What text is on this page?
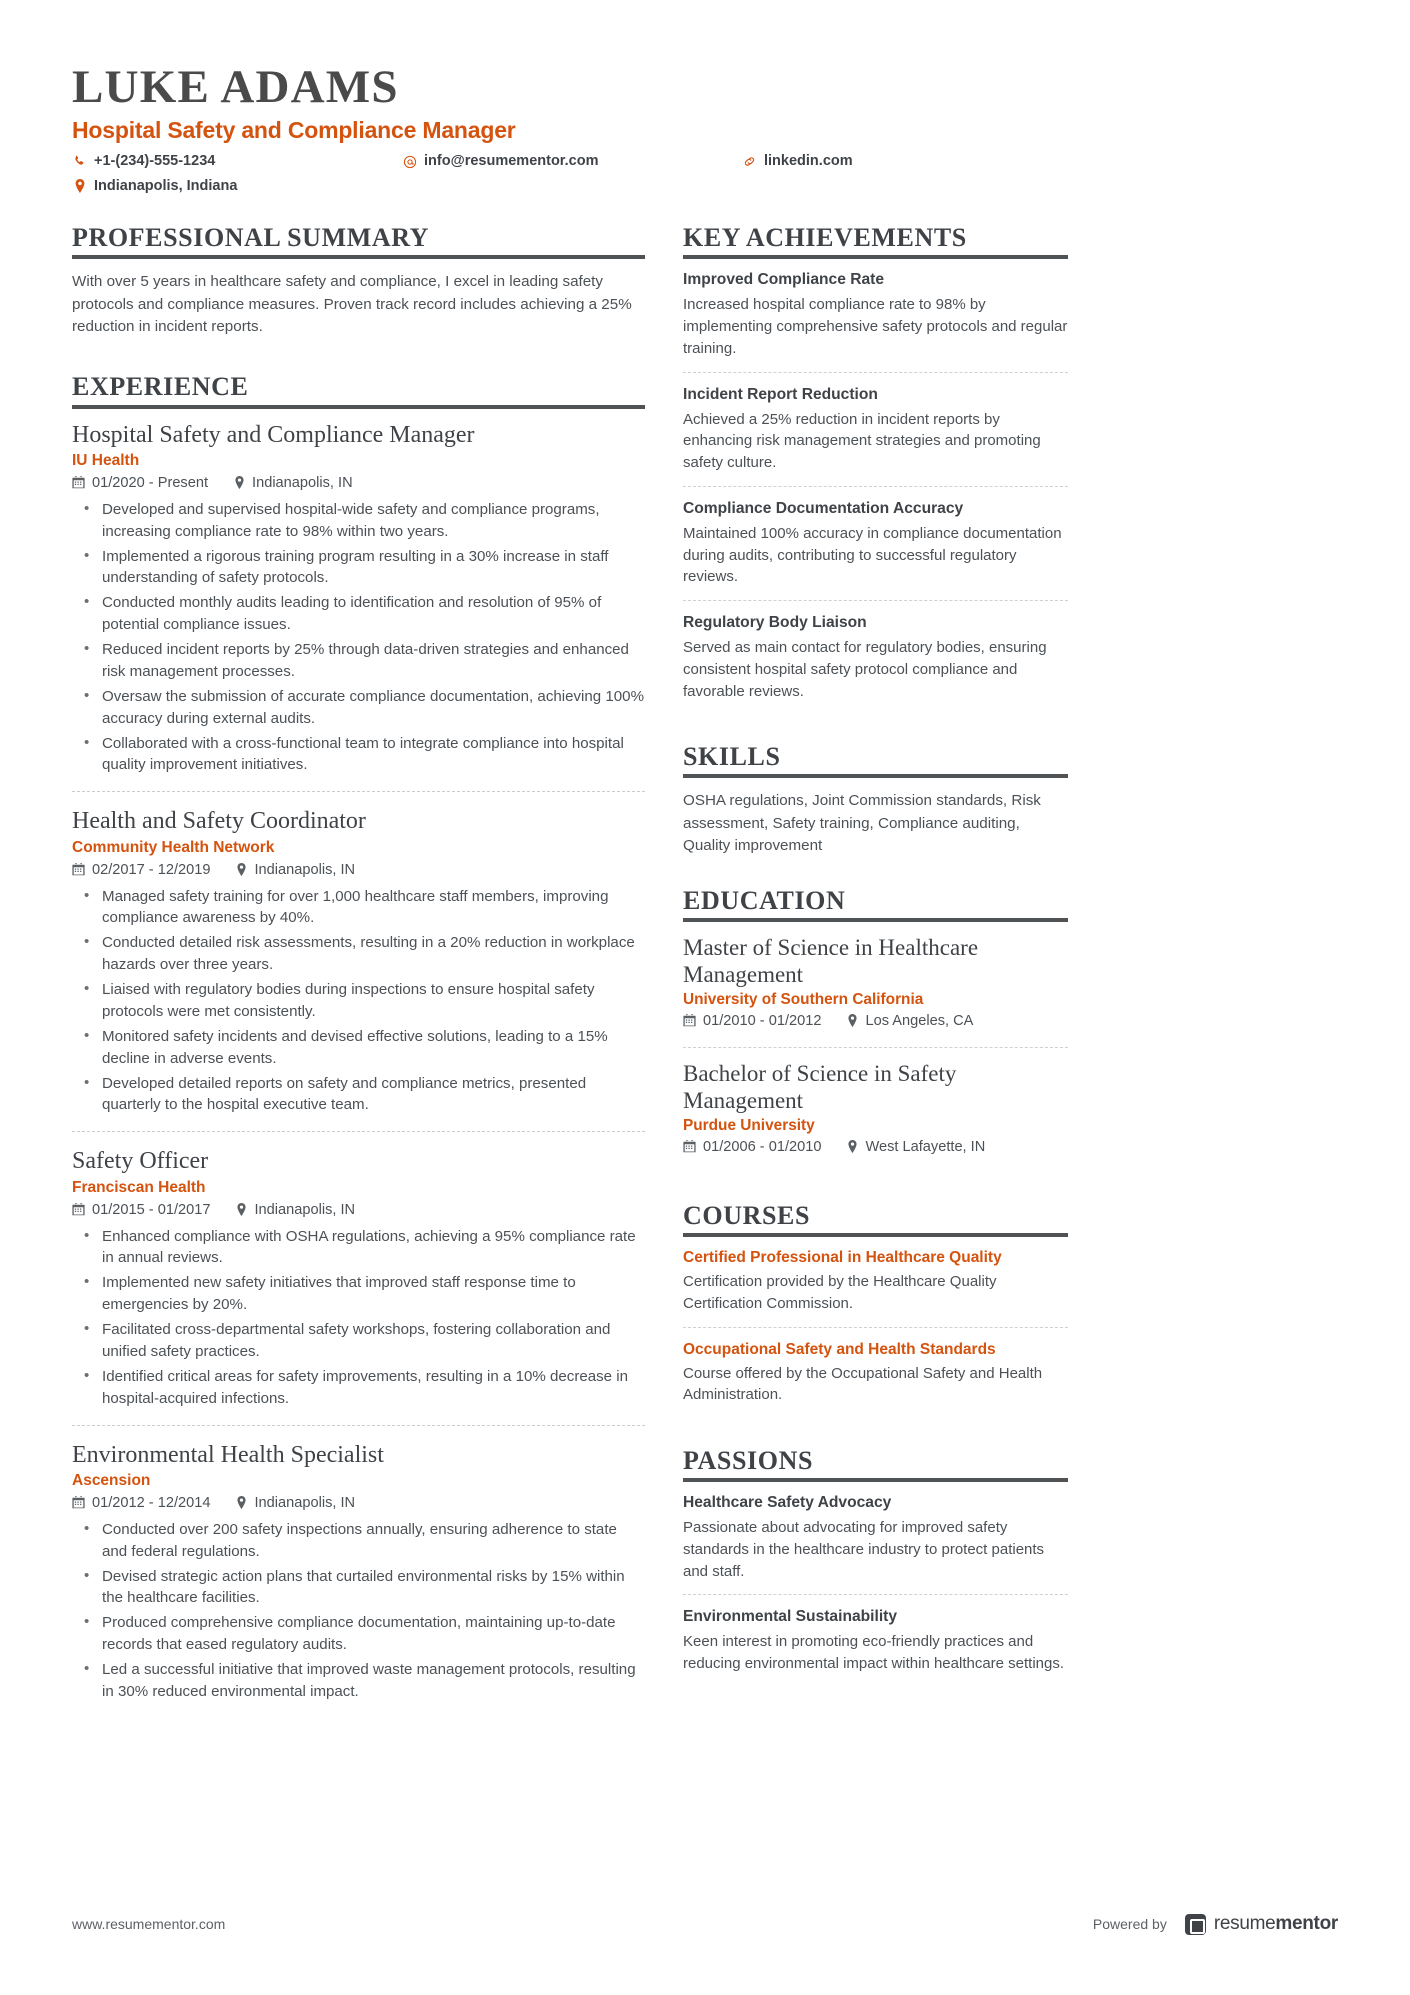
LUKE ADAMS
Hospital Safety and Compliance Manager
+1-(234)-555-1234	info@resumementor.com	linkedin.com
Indianapolis, Indiana
PROFESSIONAL SUMMARY
With over 5 years in healthcare safety and compliance, I excel in leading safety protocols and compliance measures. Proven track record includes achieving a 25% reduction in incident reports.
EXPERIENCE
Hospital Safety and Compliance Manager
IU Health
01/2020 - Present	Indianapolis, IN
• Developed and supervised hospital-wide safety and compliance programs, increasing compliance rate to 98% within two years.
• Implemented a rigorous training program resulting in a 30% increase in staff understanding of safety protocols.
• Conducted monthly audits leading to identification and resolution of 95% of potential compliance issues.
• Reduced incident reports by 25% through data-driven strategies and enhanced risk management processes.
• Oversaw the submission of accurate compliance documentation, achieving 100% accuracy during external audits.
• Collaborated with a cross-functional team to integrate compliance into hospital quality improvement initiatives.
Health and Safety Coordinator
Community Health Network
02/2017 - 12/2019	Indianapolis, IN
• Managed safety training for over 1,000 healthcare staff members, improving compliance awareness by 40%.
• Conducted detailed risk assessments, resulting in a 20% reduction in workplace hazards over three years.
• Liaised with regulatory bodies during inspections to ensure hospital safety protocols were met consistently.
• Monitored safety incidents and devised effective solutions, leading to a 15% decline in adverse events.
• Developed detailed reports on safety and compliance metrics, presented quarterly to the hospital executive team.
Safety Officer
Franciscan Health
01/2015 - 01/2017	Indianapolis, IN
• Enhanced compliance with OSHA regulations, achieving a 95% compliance rate in annual reviews.
• Implemented new safety initiatives that improved staff response time to emergencies by 20%.
• Facilitated cross-departmental safety workshops, fostering collaboration and unified safety practices.
• Identified critical areas for safety improvements, resulting in a 10% decrease in hospital-acquired infections.
Environmental Health Specialist
Ascension
01/2012 - 12/2014	Indianapolis, IN
• Conducted over 200 safety inspections annually, ensuring adherence to state and federal regulations.
• Devised strategic action plans that curtailed environmental risks by 15% within the healthcare facilities.
• Produced comprehensive compliance documentation, maintaining up-to-date records that eased regulatory audits.
• Led a successful initiative that improved waste management protocols, resulting in 30% reduced environmental impact.
KEY ACHIEVEMENTS
Improved Compliance Rate
Increased hospital compliance rate to 98% by implementing comprehensive safety protocols and regular training.
Incident Report Reduction
Achieved a 25% reduction in incident reports by enhancing risk management strategies and promoting safety culture.
Compliance Documentation Accuracy
Maintained 100% accuracy in compliance documentation during audits, contributing to successful regulatory reviews.
Regulatory Body Liaison
Served as main contact for regulatory bodies, ensuring consistent hospital safety protocol compliance and favorable reviews.
SKILLS
OSHA regulations, Joint Commission standards, Risk assessment, Safety training, Compliance auditing, Quality improvement
EDUCATION
Master of Science in Healthcare Management
University of Southern California
01/2010 - 01/2012	Los Angeles, CA
Bachelor of Science in Safety Management
Purdue University
01/2006 - 01/2010	West Lafayette, IN
COURSES
Certified Professional in Healthcare Quality
Certification provided by the Healthcare Quality Certification Commission.
Occupational Safety and Health Standards
Course offered by the Occupational Safety and Health Administration.
PASSIONS
Healthcare Safety Advocacy
Passionate about advocating for improved safety standards in the healthcare industry to protect patients and staff.
Environmental Sustainability
Keen interest in promoting eco-friendly practices and reducing environmental impact within healthcare settings.
www.resumementor.com	Powered by resumementor
